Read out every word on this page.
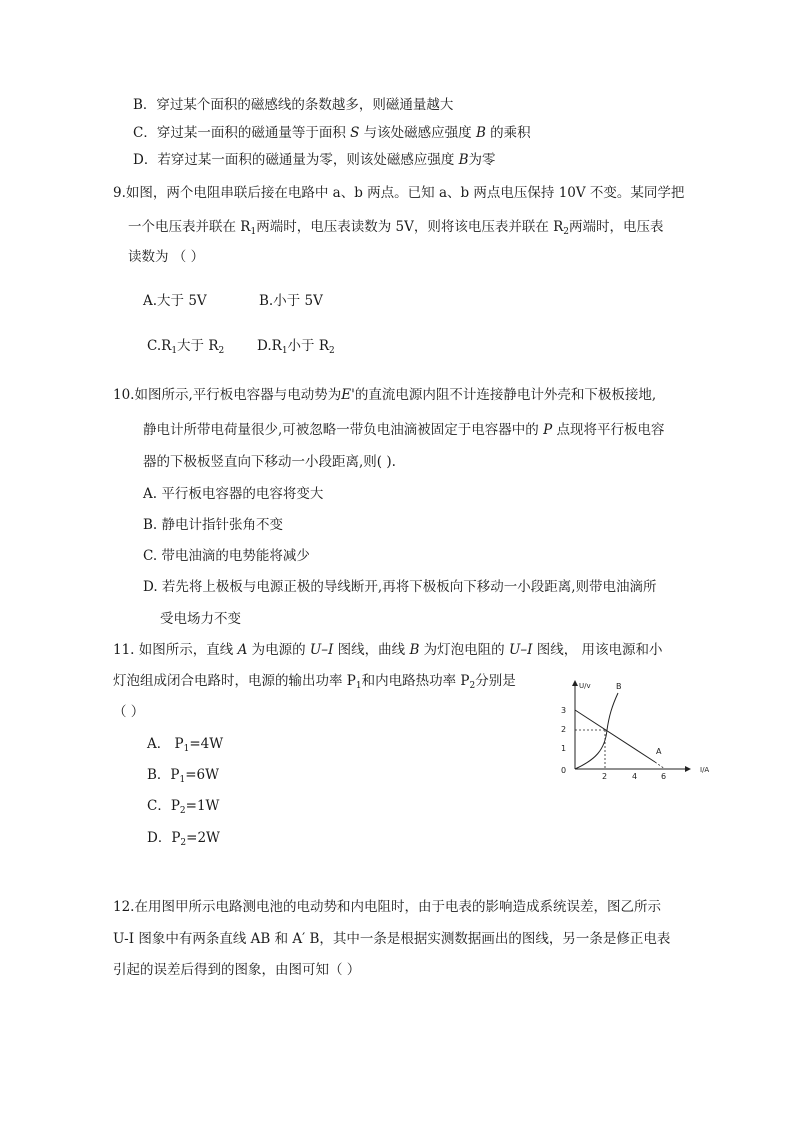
B．穿过某个面积的磁感线的条数越多，则磁通量越大
C．穿过某一面积的磁通量等于面积 S 与该处磁感应强度 B 的乘积
D．若穿过某一面积的磁通量为零，则该处磁感应强度 B为零
9.如图，两个电阻串联后接在电路中 a、b 两点。已知 a、b 两点电压保持 10V 不变。某同学把
一个电压表并联在 $R_1$两端时，电压表读数为 5V，则将该电压表并联在 $R_2$两端时，电压表
读数为 （ ）
A.大于 5V	B.小于 5V
$C.R_1$大于 $R_2$ $D.R_1$小于 $R_2$
10.如图所示,平行板电容器与电动势为E'的直流电源内阻不计连接静电计外壳和下极板接地,
静电计所带电荷量很少,可被忽略一带负电油滴被固定于电容器中的 P 点现将平行板电容
器的下极板竖直向下移动一小段距离,则( ).
A. 平行板电容器的电容将变大
B. 静电计指针张角不变
C. 带电油滴的电势能将减少
D. 若先将上极板与电源正极的导线断开,再将下极板向下移动一小段距离,则带电油滴所
受电场力不变
11. 如图所示，直线 A 为电源的 U–I 图线，曲线 B 为灯泡电阻的 U–I 图线， 用该电源和小
灯泡组成闭合电路时，电源的输出功率 $P_1$和内电路热功率 $P_2$分别是
（ ）
A． $P_1=4W$
B．$P_1=6W$
C．$P_2=1W$
D．$P_2=2W$
U/v
I/A
0
3
2
1
2	4	6
A
B
12.在用图甲所示电路测电池的电动势和内电阻时，由于电表的影响造成系统误差，图乙所示
U-I 图象中有两条直线 AB 和 A′ B，其中一条是根据实测数据画出的图线，另一条是修正电表
引起的误差后得到的图象，由图可知（ ）
